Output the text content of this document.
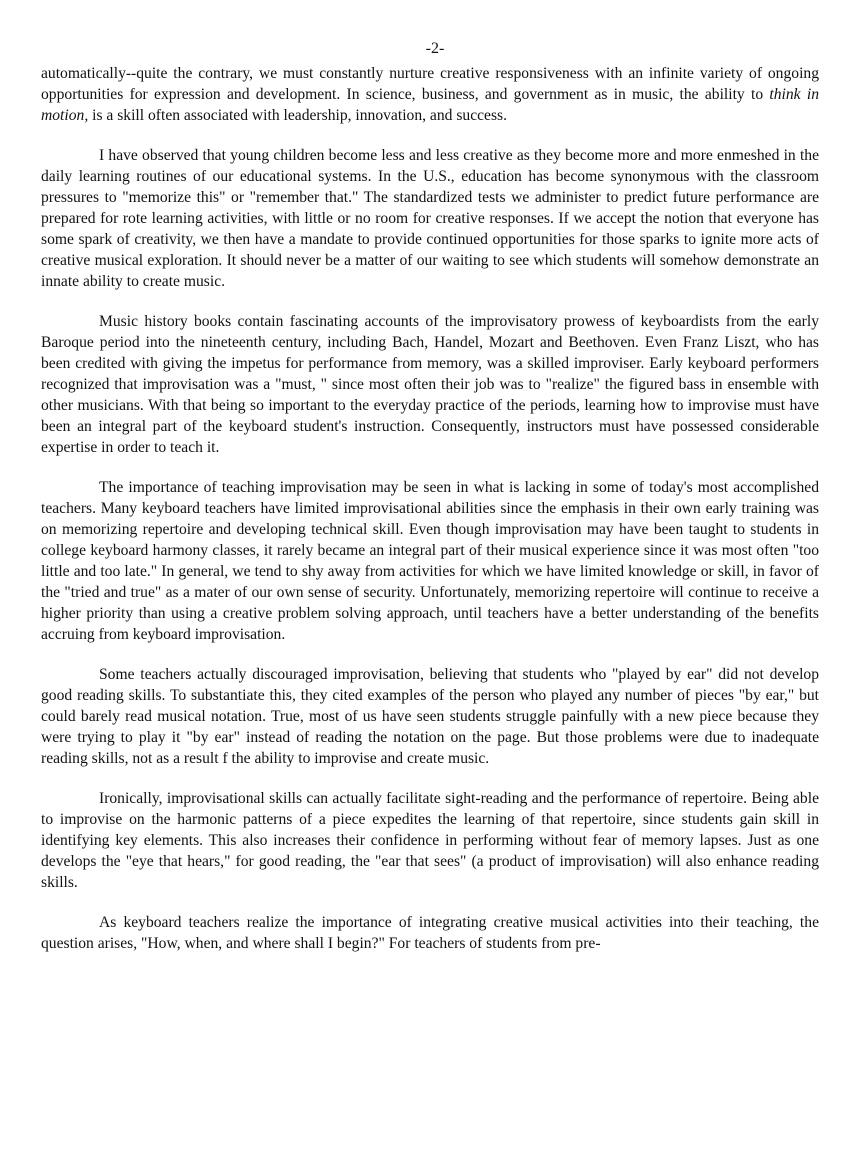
-2-

automatically--quite the contrary, we must constantly nurture creative responsiveness with an infinite variety of ongoing opportunities for expression and development. In science, business, and government as in music, the ability to think in motion, is a skill often associated with leadership, innovation, and success.

I have observed that young children become less and less creative as they become more and more enmeshed in the daily learning routines of our educational systems. In the U.S., education has become synonymous with the classroom pressures to "memorize this" or "remember that." The standardized tests we administer to predict future performance are prepared for rote learning activities, with little or no room for creative responses. If we accept the notion that everyone has some spark of creativity, we then have a mandate to provide continued opportunities for those sparks to ignite more acts of creative musical exploration. It should never be a matter of our waiting to see which students will somehow demonstrate an innate ability to create music.

Music history books contain fascinating accounts of the improvisatory prowess of keyboardists from the early Baroque period into the nineteenth century, including Bach, Handel, Mozart and Beethoven. Even Franz Liszt, who has been credited with giving the impetus for performance from memory, was a skilled improviser. Early keyboard performers recognized that improvisation was a "must, " since most often their job was to "realize" the figured bass in ensemble with other musicians. With that being so important to the everyday practice of the periods, learning how to improvise must have been an integral part of the keyboard student's instruction. Consequently, instructors must have possessed considerable expertise in order to teach it.

The importance of teaching improvisation may be seen in what is lacking in some of today's most accomplished teachers. Many keyboard teachers have limited improvisational abilities since the emphasis in their own early training was on memorizing repertoire and developing technical skill. Even though improvisation may have been taught to students in college keyboard harmony classes, it rarely became an integral part of their musical experience since it was most often "too little and too late." In general, we tend to shy away from activities for which we have limited knowledge or skill, in favor of the "tried and true" as a mater of our own sense of security. Unfortunately, memorizing repertoire will continue to receive a higher priority than using a creative problem solving approach, until teachers have a better understanding of the benefits accruing from keyboard improvisation.

Some teachers actually discouraged improvisation, believing that students who "played by ear" did not develop good reading skills. To substantiate this, they cited examples of the person who played any number of pieces "by ear," but could barely read musical notation. True, most of us have seen students struggle painfully with a new piece because they were trying to play it "by ear" instead of reading the notation on the page. But those problems were due to inadequate reading skills, not as a result f the ability to improvise and create music.

Ironically, improvisational skills can actually facilitate sight-reading and the performance of repertoire. Being able to improvise on the harmonic patterns of a piece expedites the learning of that repertoire, since students gain skill in identifying key elements. This also increases their confidence in performing without fear of memory lapses. Just as one develops the "eye that hears," for good reading, the "ear that sees" (a product of improvisation) will also enhance reading skills.

As keyboard teachers realize the importance of integrating creative musical activities into their teaching, the question arises, "How, when, and where shall I begin?" For teachers of students from pre-
